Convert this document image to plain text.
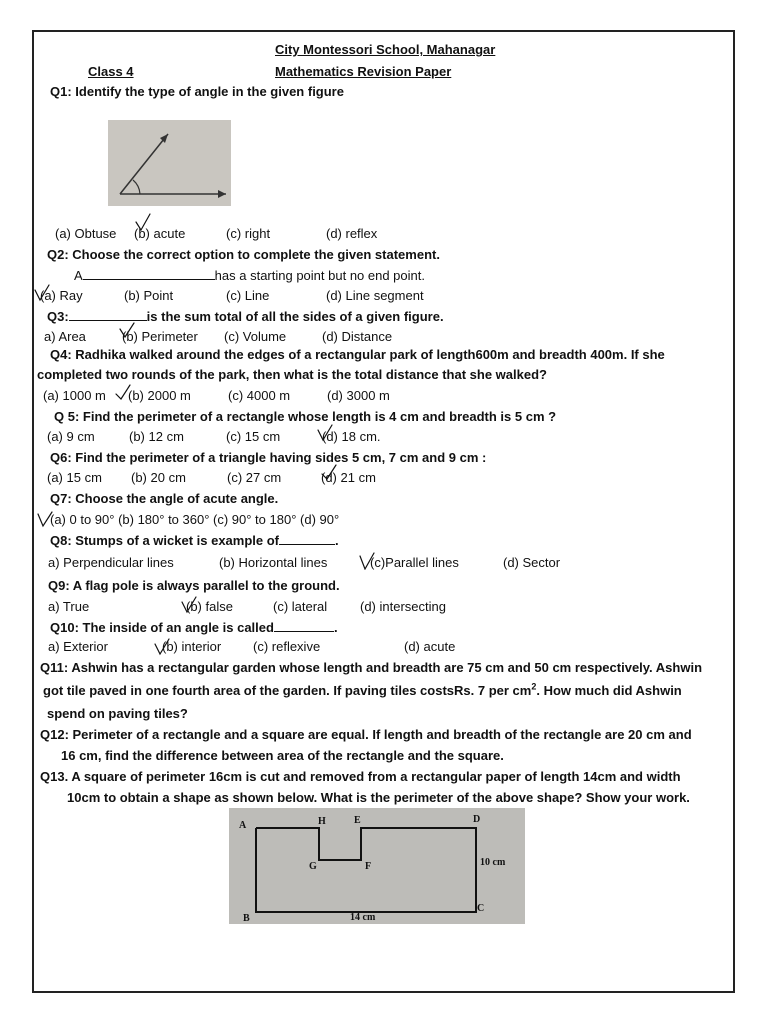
City Montessori School, Mahanagar
Class 4	Mathematics Revision Paper
Q1: Identify the type of angle in the given figure
(a) Obtuse (b) acute	(c) right	(d) reflex
Q2: Choose the correct option to complete the given statement.
A	has a starting point but no end point.
(a) Ray	(b) Point	(c) Line	(d) Line segment
Q3:	is the sum total of all the sides of a given figure.
a) Area	(b) Perimeter (c) Volume	(d) Distance
Q4: Radhika walked around the edges of a rectangular park of length600m and breadth 400m. If she
completed two rounds of the park, then what is the total distance that she walked?
(a) 1000 m (b) 2000 m	(c) 4000 m	(d) 3000 m
Q 5: Find the perimeter of a rectangle whose length is 4 cm and breadth is 5 cm ?
(a) 9 cm	(b) 12 cm	(c) 15 cm	(d) 18 cm.
Q6: Find the perimeter of a triangle having sides 5 cm, 7 cm and 9 cm :
(a) 15 cm (b) 20 cm	(c) 27 cm	(d) 21 cm
Q7: Choose the angle of acute angle.
(a) 0 to 90° (b) 180° to 360° (c) 90° to 180° (d) 90°
Q8: Stumps of a wicket is example of	.
a) Perpendicular lines	(b) Horizontal lines	(c)Parallel lines	(d) Sector
Q9: A flag pole is always parallel to the ground.
a) True	(b) false	(c) lateral	(d) intersecting
Q10: The inside of an angle is called	.
a) Exterior	(b) interior (c) reflexive	(d) acute
Q11: Ashwin has a rectangular garden whose length and breadth are 75 cm and 50 cm respectively. Ashwin
got tile paved in one fourth area of the garden. If paving tiles costsRs. 7 per $cm^2$. How much did Ashwin
spend on paving tiles?
Q12: Perimeter of a rectangle and a square are equal. If length and breadth of the rectangle are 20 cm and
16 cm, find the difference between area of the rectangle and the square.
Q13. A square of perimeter 16cm is cut and removed from a rectangular paper of length 14cm and width
10cm to obtain a shape as shown below. What is the perimeter of the above shape? Show your work.
A	H	E	D
G	F
B
C
10 cm
14 cm
